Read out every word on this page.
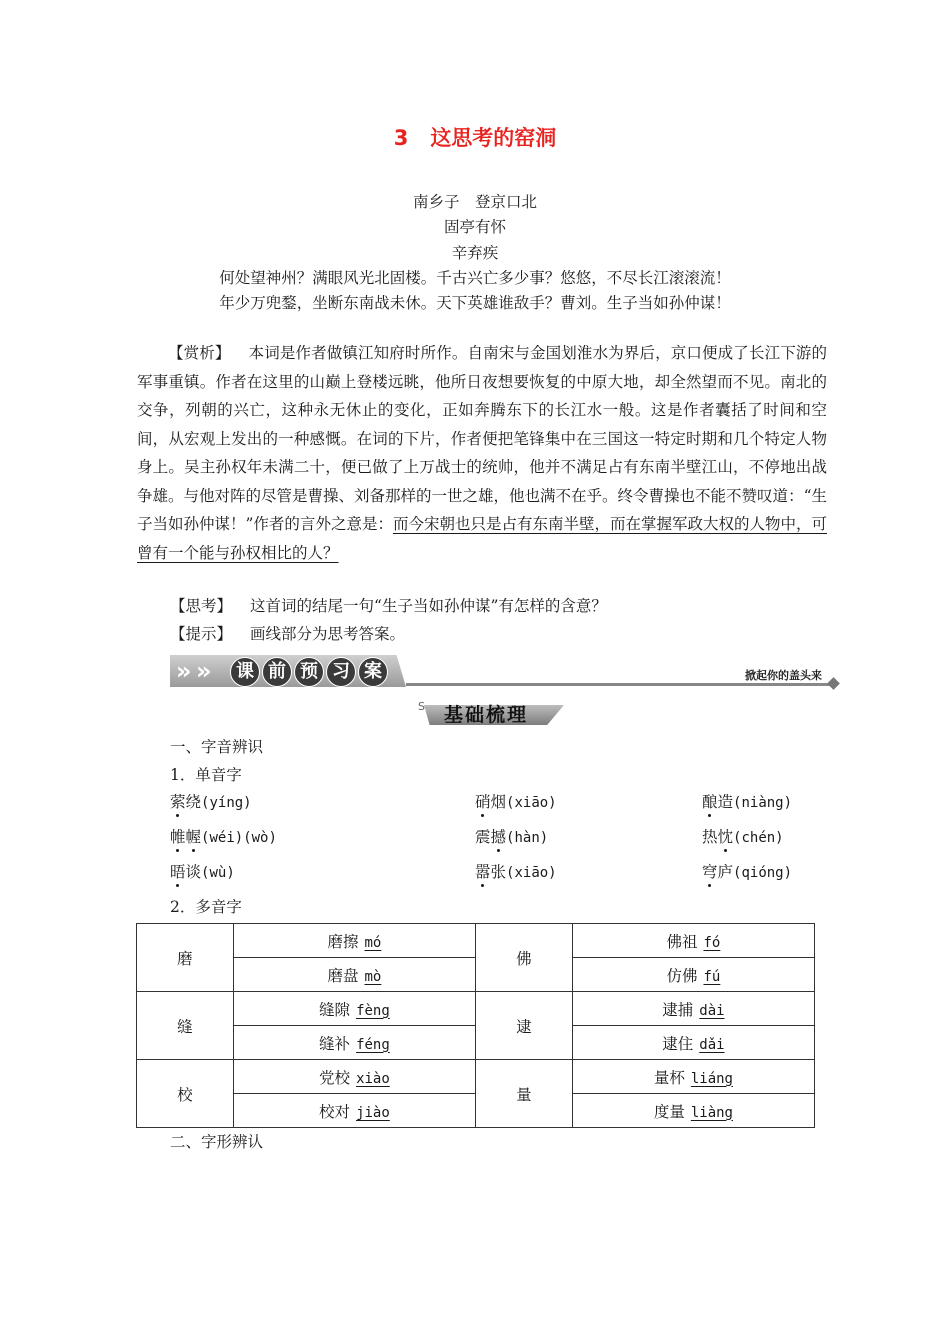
3 这思考的窑洞
南乡子　登京口北
固亭有怀
辛弃疾
何处望神州？满眼风光北固楼。千古兴亡多少事？悠悠，不尽长江滚滚流！
年少万兜鍪，坐断东南战未休。天下英雄谁敌手？曹刘。生子当如孙仲谋！
【赏析】 本词是作者做镇江知府时所作。自南宋与金国划淮水为界后，京口便成了长江下游的军事重镇。作者在这里的山巅上登楼远眺，他所日夜想要恢复的中原大地，却全然望而不见。南北的交争，列朝的兴亡，这种永无休止的变化，正如奔腾东下的长江水一般。这是作者囊括了时间和空间，从宏观上发出的一种感慨。在词的下片，作者便把笔锋集中在三国这一特定时期和几个特定人物身上。吴主孙权年未满二十，便已做了上万战士的统帅，他并不满足占有东南半壁江山，不停地出战争雄。与他对阵的尽管是曹操、刘备那样的一世之雄，他也满不在乎。终令曹操也不能不赞叹道：“生子当如孙仲谋！”作者的言外之意是：而今宋朝也只是占有东南半壁，而在掌握军政大权的人物中，可曾有一个能与孙权相比的人？
【思考】 这首词的结尾一句“生子当如孙仲谋”有怎样的含意？
【提示】 画线部分为思考答案。
» »	课 前 预 习 案	掀起你的盖头来
S 基础梳理
一、字音辨识
1．单音字
萦绕(yíng)	硝烟(xiāo)	酿造(niàng)
帷幄(wéi)(wò)	震撼(hàn)	热忱(chén)
晤谈(wù)	嚣张(xiāo)	穹庐(qióng)
2．多音字
磨	磨擦 mó	佛	佛祖 fó
	磨盘 mò		仿佛 fú
缝	缝隙 fèng	逮	逮捕 dài
	缝补 féng		逮住 dǎi
校	党校 xiào	量	量杯 liáng
	校对 jiào		度量 liàng
二、字形辨认
